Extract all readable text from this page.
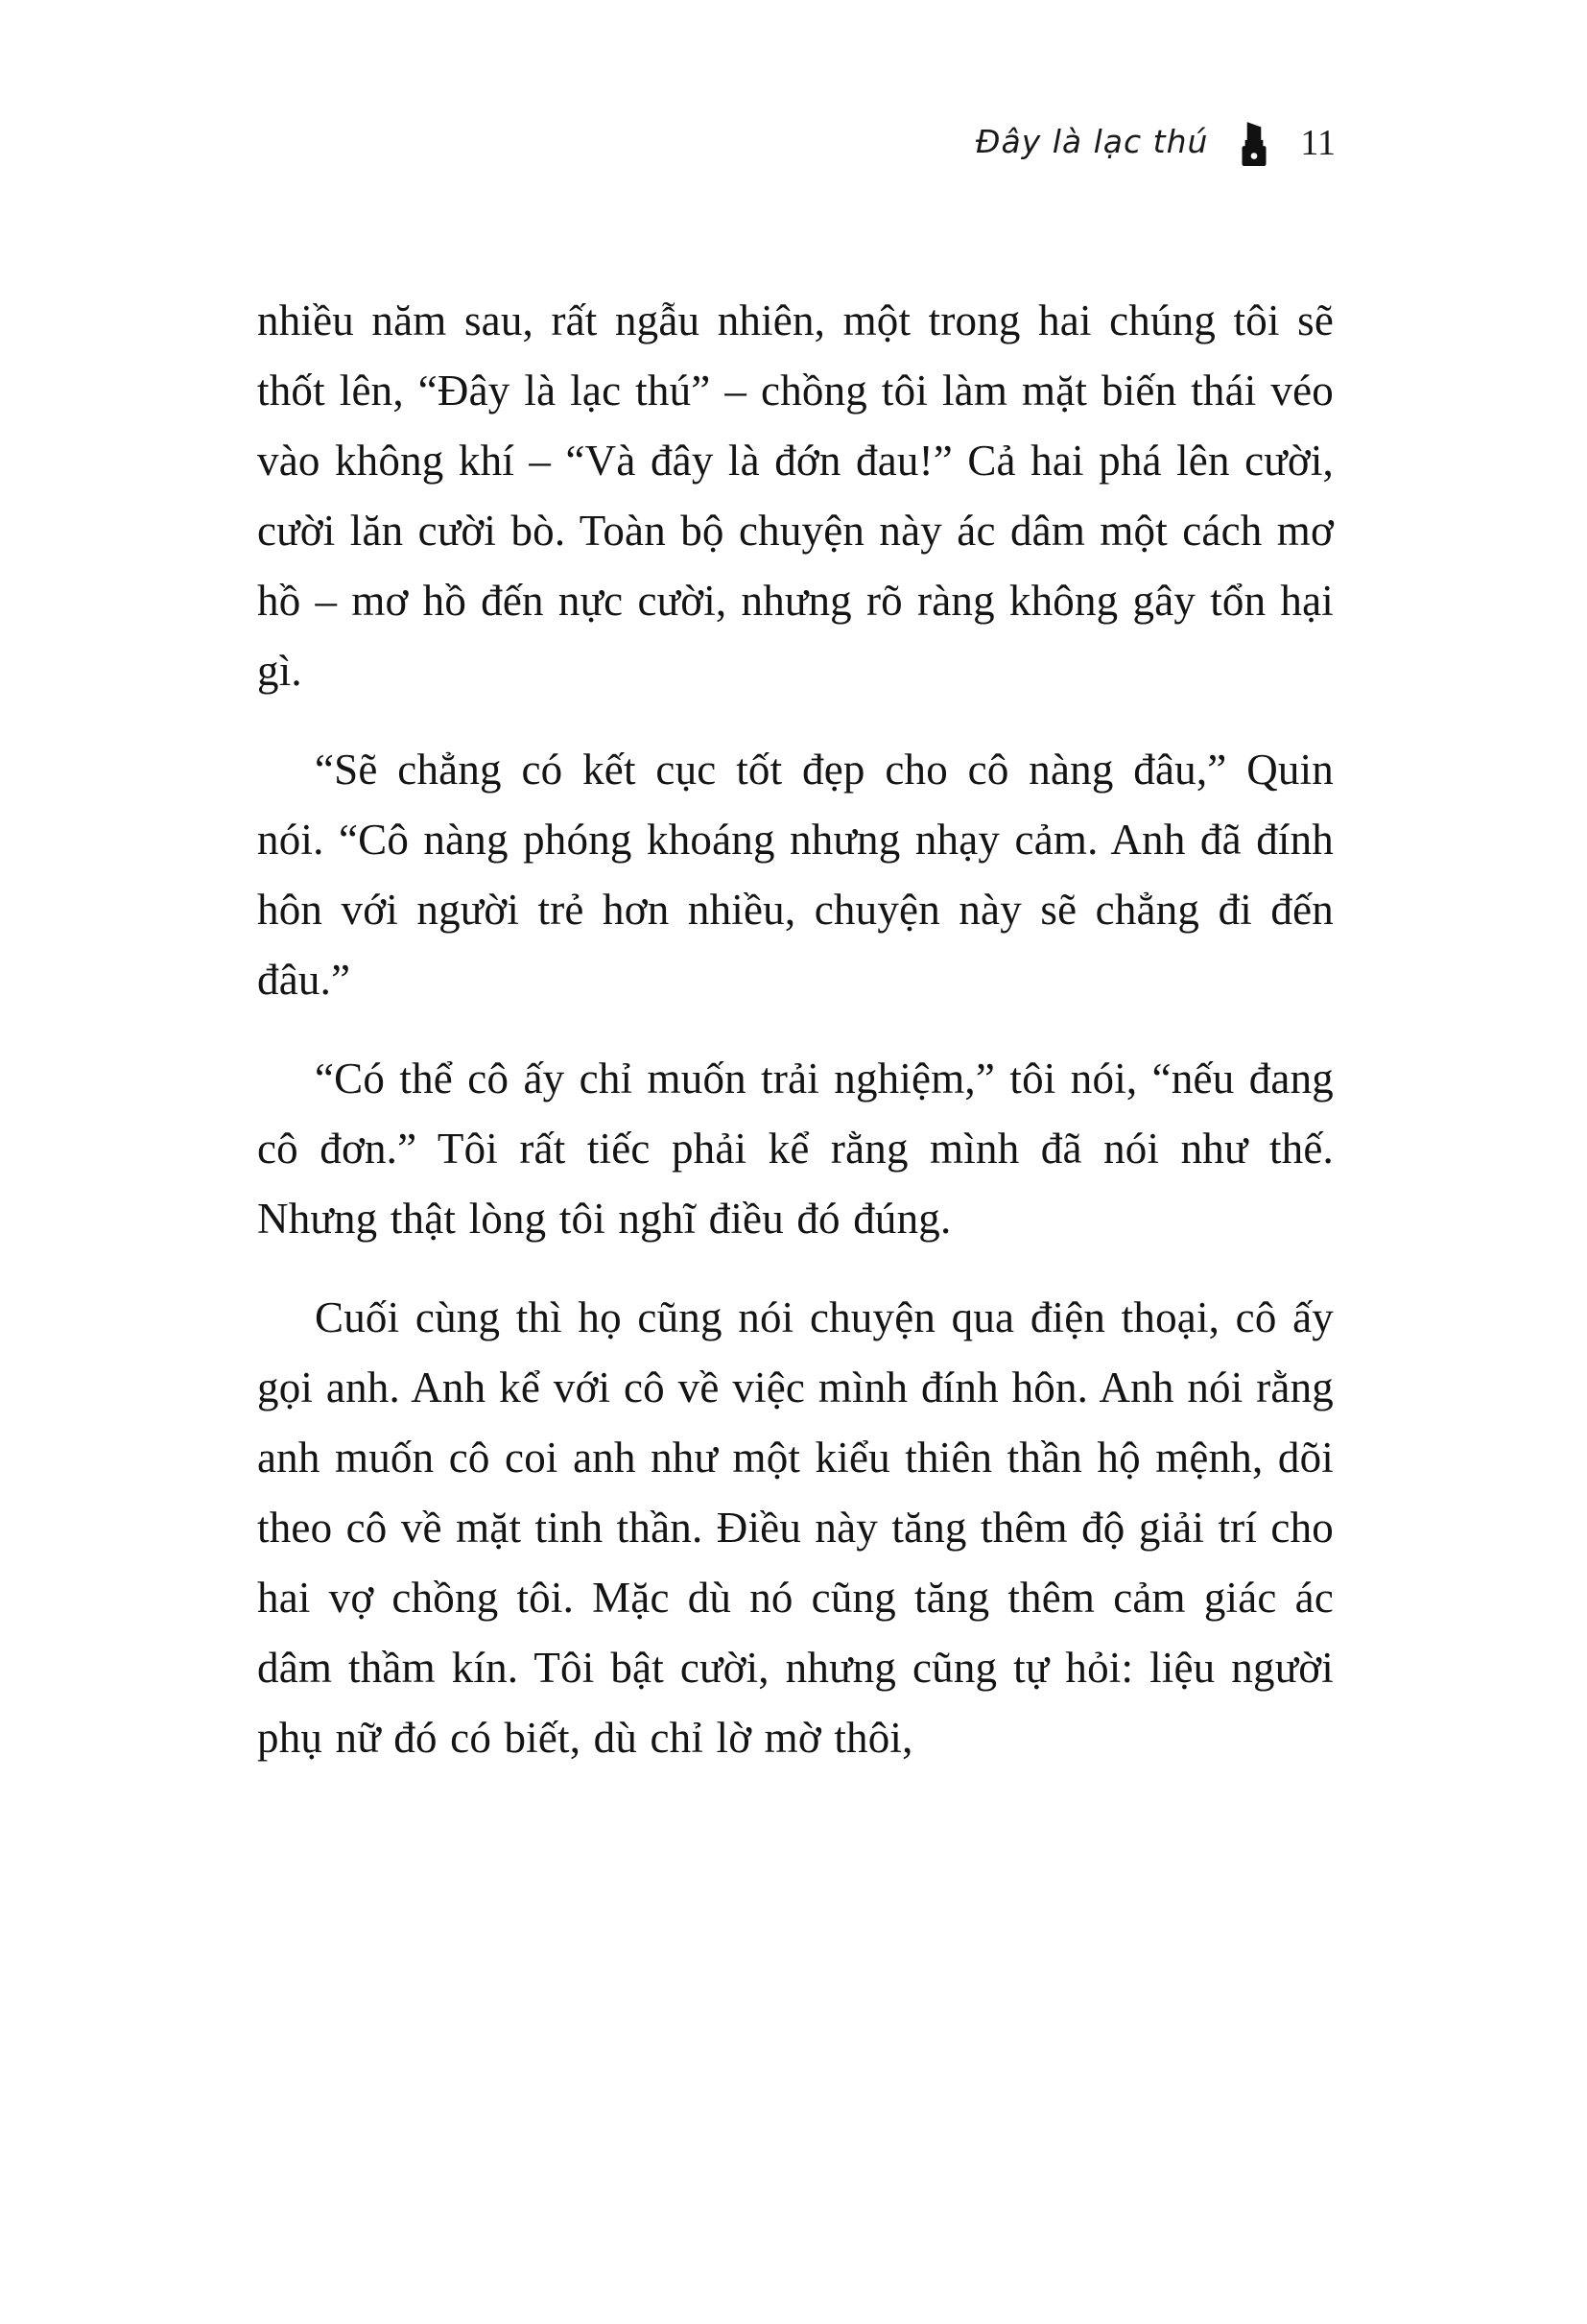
Đây là lạc thú	11

nhiều năm sau, rất ngẫu nhiên, một trong hai chúng tôi sẽ thốt lên, “Đây là lạc thú” – chồng tôi làm mặt biến thái véo vào không khí – “Và đây là đớn đau!” Cả hai phá lên cười, cười lăn cười bò. Toàn bộ chuyện này ác dâm một cách mơ hồ – mơ hồ đến nực cười, nhưng rõ ràng không gây tổn hại gì.

“Sẽ chẳng có kết cục tốt đẹp cho cô nàng đâu,” Quin nói. “Cô nàng phóng khoáng nhưng nhạy cảm. Anh đã đính hôn với người trẻ hơn nhiều, chuyện này sẽ chẳng đi đến đâu.”

“Có thể cô ấy chỉ muốn trải nghiệm,” tôi nói, “nếu đang cô đơn.” Tôi rất tiếc phải kể rằng mình đã nói như thế. Nhưng thật lòng tôi nghĩ điều đó đúng.

Cuối cùng thì họ cũng nói chuyện qua điện thoại, cô ấy gọi anh. Anh kể với cô về việc mình đính hôn. Anh nói rằng anh muốn cô coi anh như một kiểu thiên thần hộ mệnh, dõi theo cô về mặt tinh thần. Điều này tăng thêm độ giải trí cho hai vợ chồng tôi. Mặc dù nó cũng tăng thêm cảm giác ác dâm thầm kín. Tôi bật cười, nhưng cũng tự hỏi: liệu người phụ nữ đó có biết, dù chỉ lờ mờ thôi,
